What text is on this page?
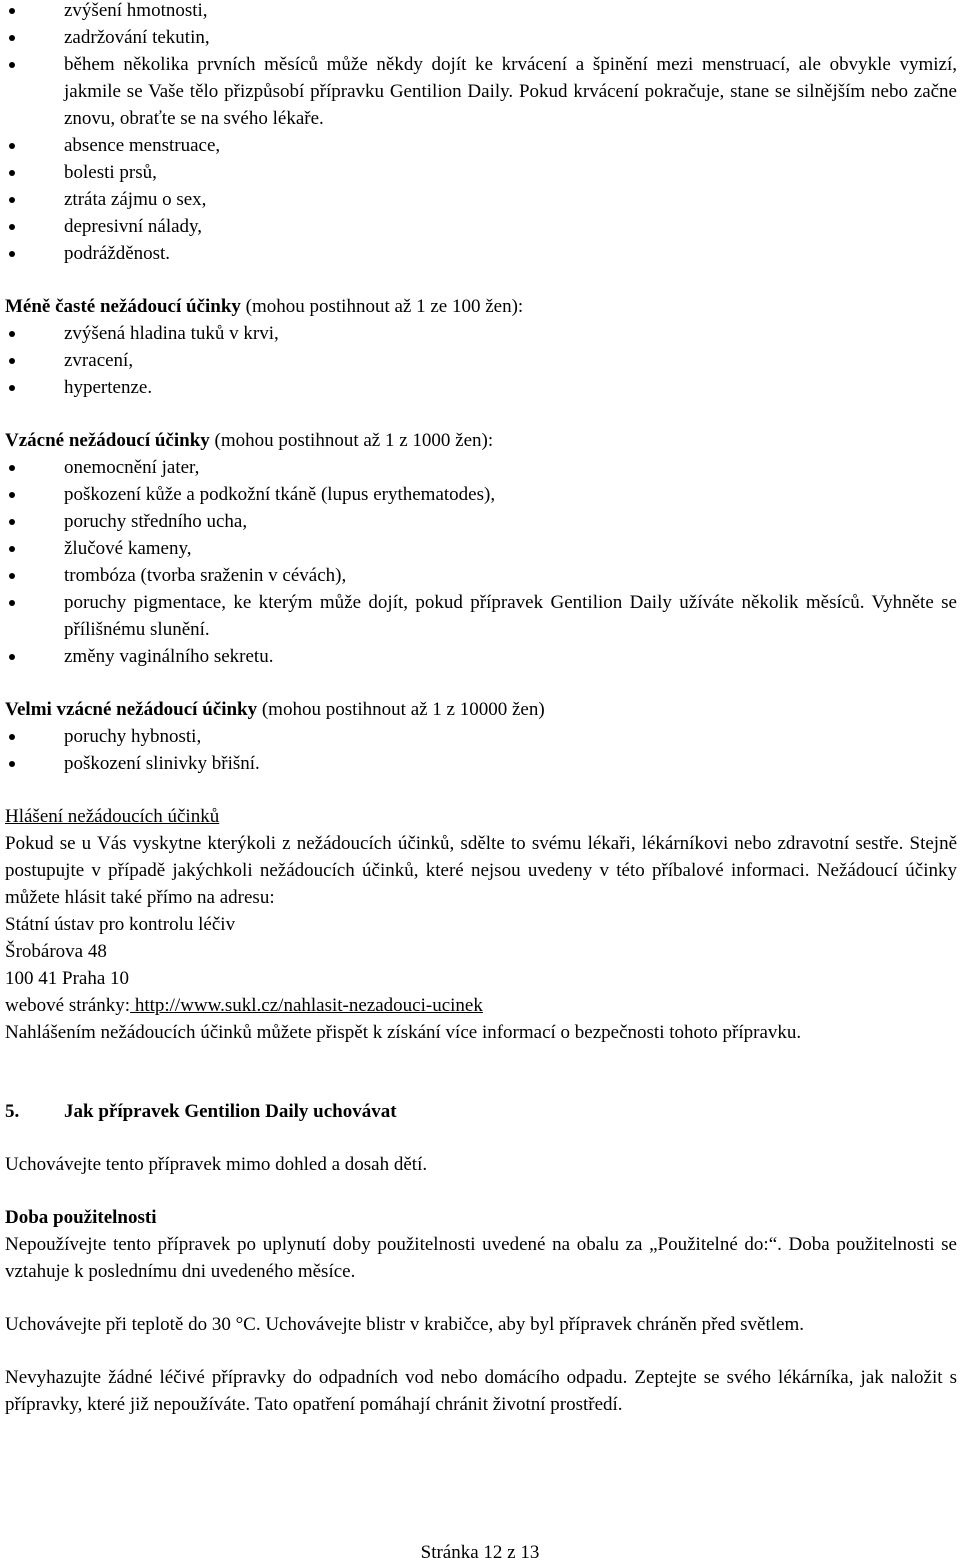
zvýšení hmotnosti,
zadržování tekutin,
během několika prvních měsíců může někdy dojít ke krvácení a špinění mezi menstruací, ale obvykle vymizí, jakmile se Vaše tělo přizpůsobí přípravku Gentilion Daily. Pokud krvácení pokračuje, stane se silnějším nebo začne znovu, obraťte se na svého lékaře.
absence menstruace,
bolesti prsů,
ztráta zájmu o sex,
depresivní nálady,
podrážděnost.

Méně časté nežádoucí účinky (mohou postihnout až 1 ze 100 žen):

zvýšená hladina tuků v krvi,
zvracení,
hypertenze.

Vzácné nežádoucí účinky (mohou postihnout až 1 z 1000 žen):

onemocnění jater,
poškození kůže a podkožní tkáně (lupus erythematodes),
poruchy středního ucha,
žlučové kameny,
trombóza (tvorba sraženin v cévách),
poruchy pigmentace, ke kterým může dojít, pokud přípravek Gentilion Daily užíváte několik měsíců. Vyhněte se přílišnému slunění.
změny vaginálního sekretu.

Velmi vzácné nežádoucí účinky (mohou postihnout až 1 z 10000 žen)

poruchy hybnosti,
poškození slinivky břišní.

Hlášení nežádoucích účinků

Pokud se u Vás vyskytne kterýkoli z nežádoucích účinků, sdělte to svému lékaři, lékárníkovi nebo zdravotní sestře. Stejně postupujte v případě jakýchkoli nežádoucích účinků, které nejsou uvedeny v této příbalové informaci. Nežádoucí účinky můžete hlásit také přímo na adresu:

Státní ústav pro kontrolu léčiv

Šrobárova 48

100 41 Praha 10

webové stránky: http://www.sukl.cz/nahlasit-nezadouci-ucinek

Nahlášením nežádoucích účinků můžete přispět k získání více informací o bezpečnosti tohoto přípravku.

5. Jak přípravek Gentilion Daily uchovávat

Uchovávejte tento přípravek mimo dohled a dosah dětí.

Doba použitelnosti

Nepoužívejte tento přípravek po uplynutí doby použitelnosti uvedené na obalu za „Použitelné do:“. Doba použitelnosti se vztahuje k poslednímu dni uvedeného měsíce.

Uchovávejte při teplotě do 30 °C. Uchovávejte blistr v krabičce, aby byl přípravek chráněn před světlem.

Nevyhazujte žádné léčivé přípravky do odpadních vod nebo domácího odpadu. Zeptejte se svého lékárníka, jak naložit s přípravky, které již nepoužíváte. Tato opatření pomáhají chránit životní prostředí.

Stránka 12 z 13
